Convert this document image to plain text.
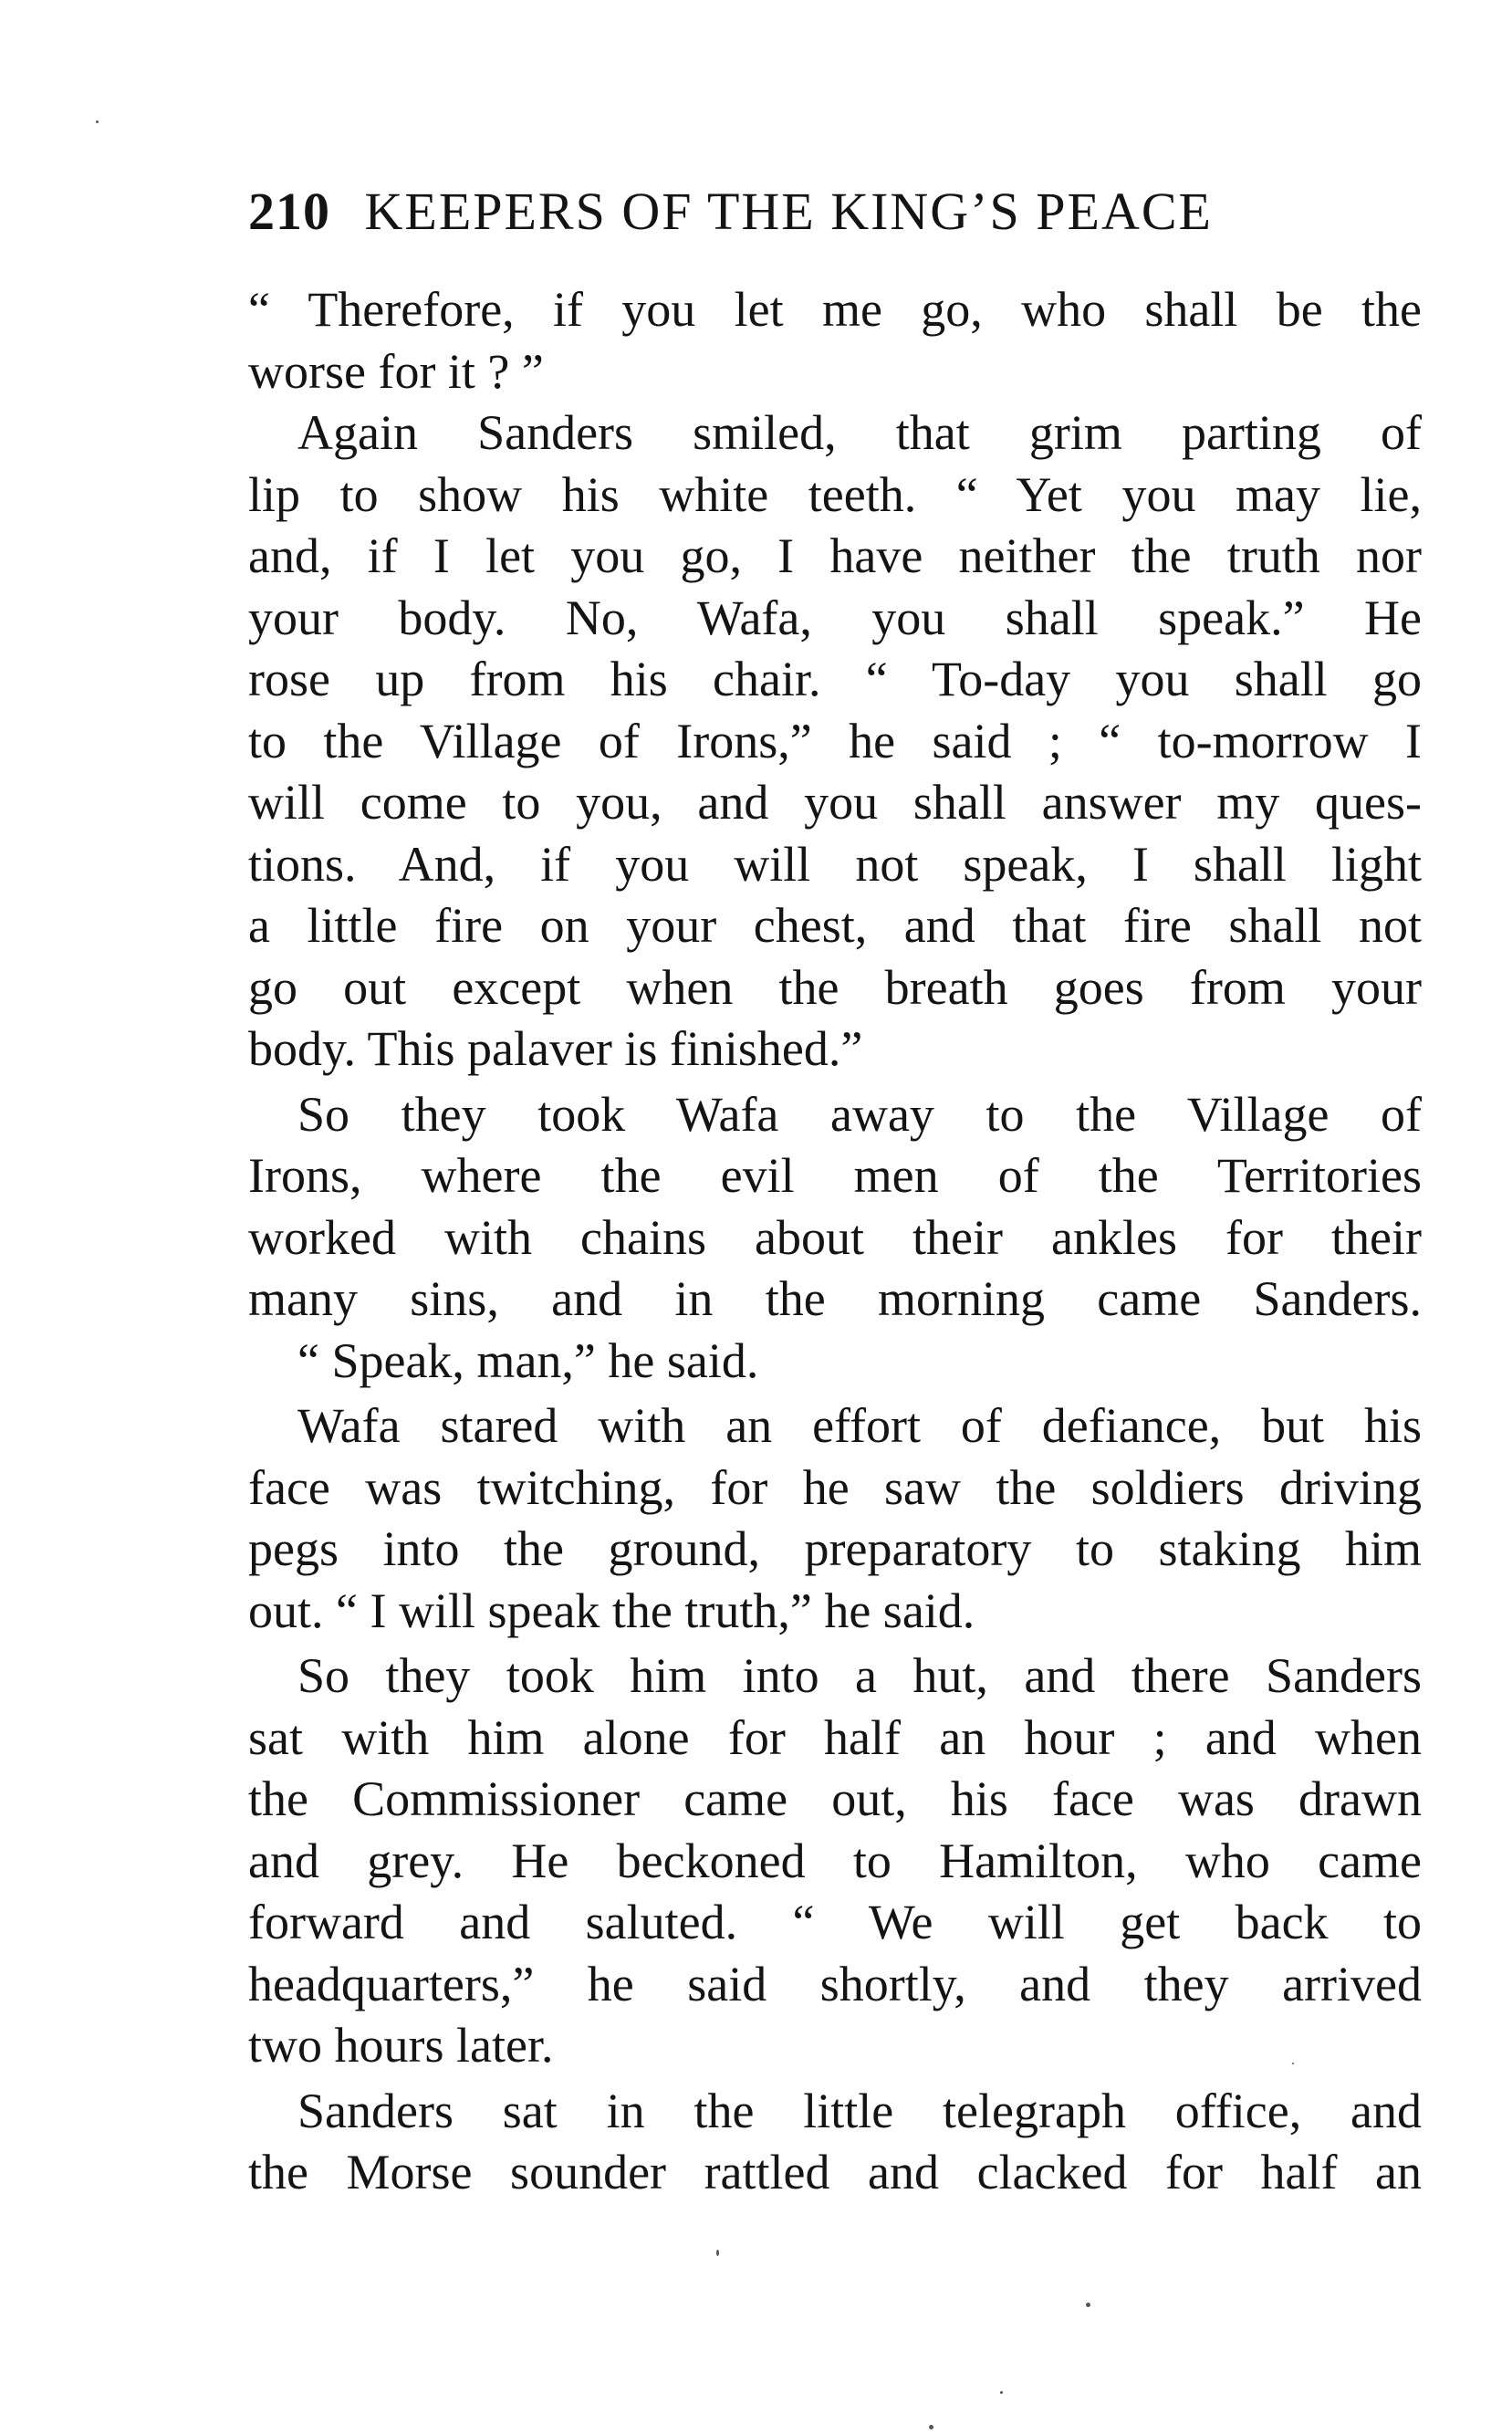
210 KEEPERS OF THE KING’S PEACE
“ Therefore, if you let me go, who shall be the
worse for it ? ”
Again Sanders smiled, that grim parting of
lip to show his white teeth. “ Yet you may lie,
and, if I let you go, I have neither the truth nor
your body. No, Wafa, you shall speak.” He
rose up from his chair. “ To-day you shall go
to the Village of Irons,” he said ; “ to-morrow I
will come to you, and you shall answer my ques-
tions. And, if you will not speak, I shall light
a little fire on your chest, and that fire shall not
go out except when the breath goes from your
body. This palaver is finished.”
So they took Wafa away to the Village of
Irons, where the evil men of the Territories
worked with chains about their ankles for their
many sins, and in the morning came Sanders.
“ Speak, man,” he said.
Wafa stared with an effort of defiance, but his
face was twitching, for he saw the soldiers driving
pegs into the ground, preparatory to staking him
out. “ I will speak the truth,” he said.
So they took him into a hut, and there Sanders
sat with him alone for half an hour ; and when
the Commissioner came out, his face was drawn
and grey. He beckoned to Hamilton, who came
forward and saluted. “ We will get back to
headquarters,” he said shortly, and they arrived
two hours later.
Sanders sat in the little telegraph office, and
the Morse sounder rattled and clacked for half an
